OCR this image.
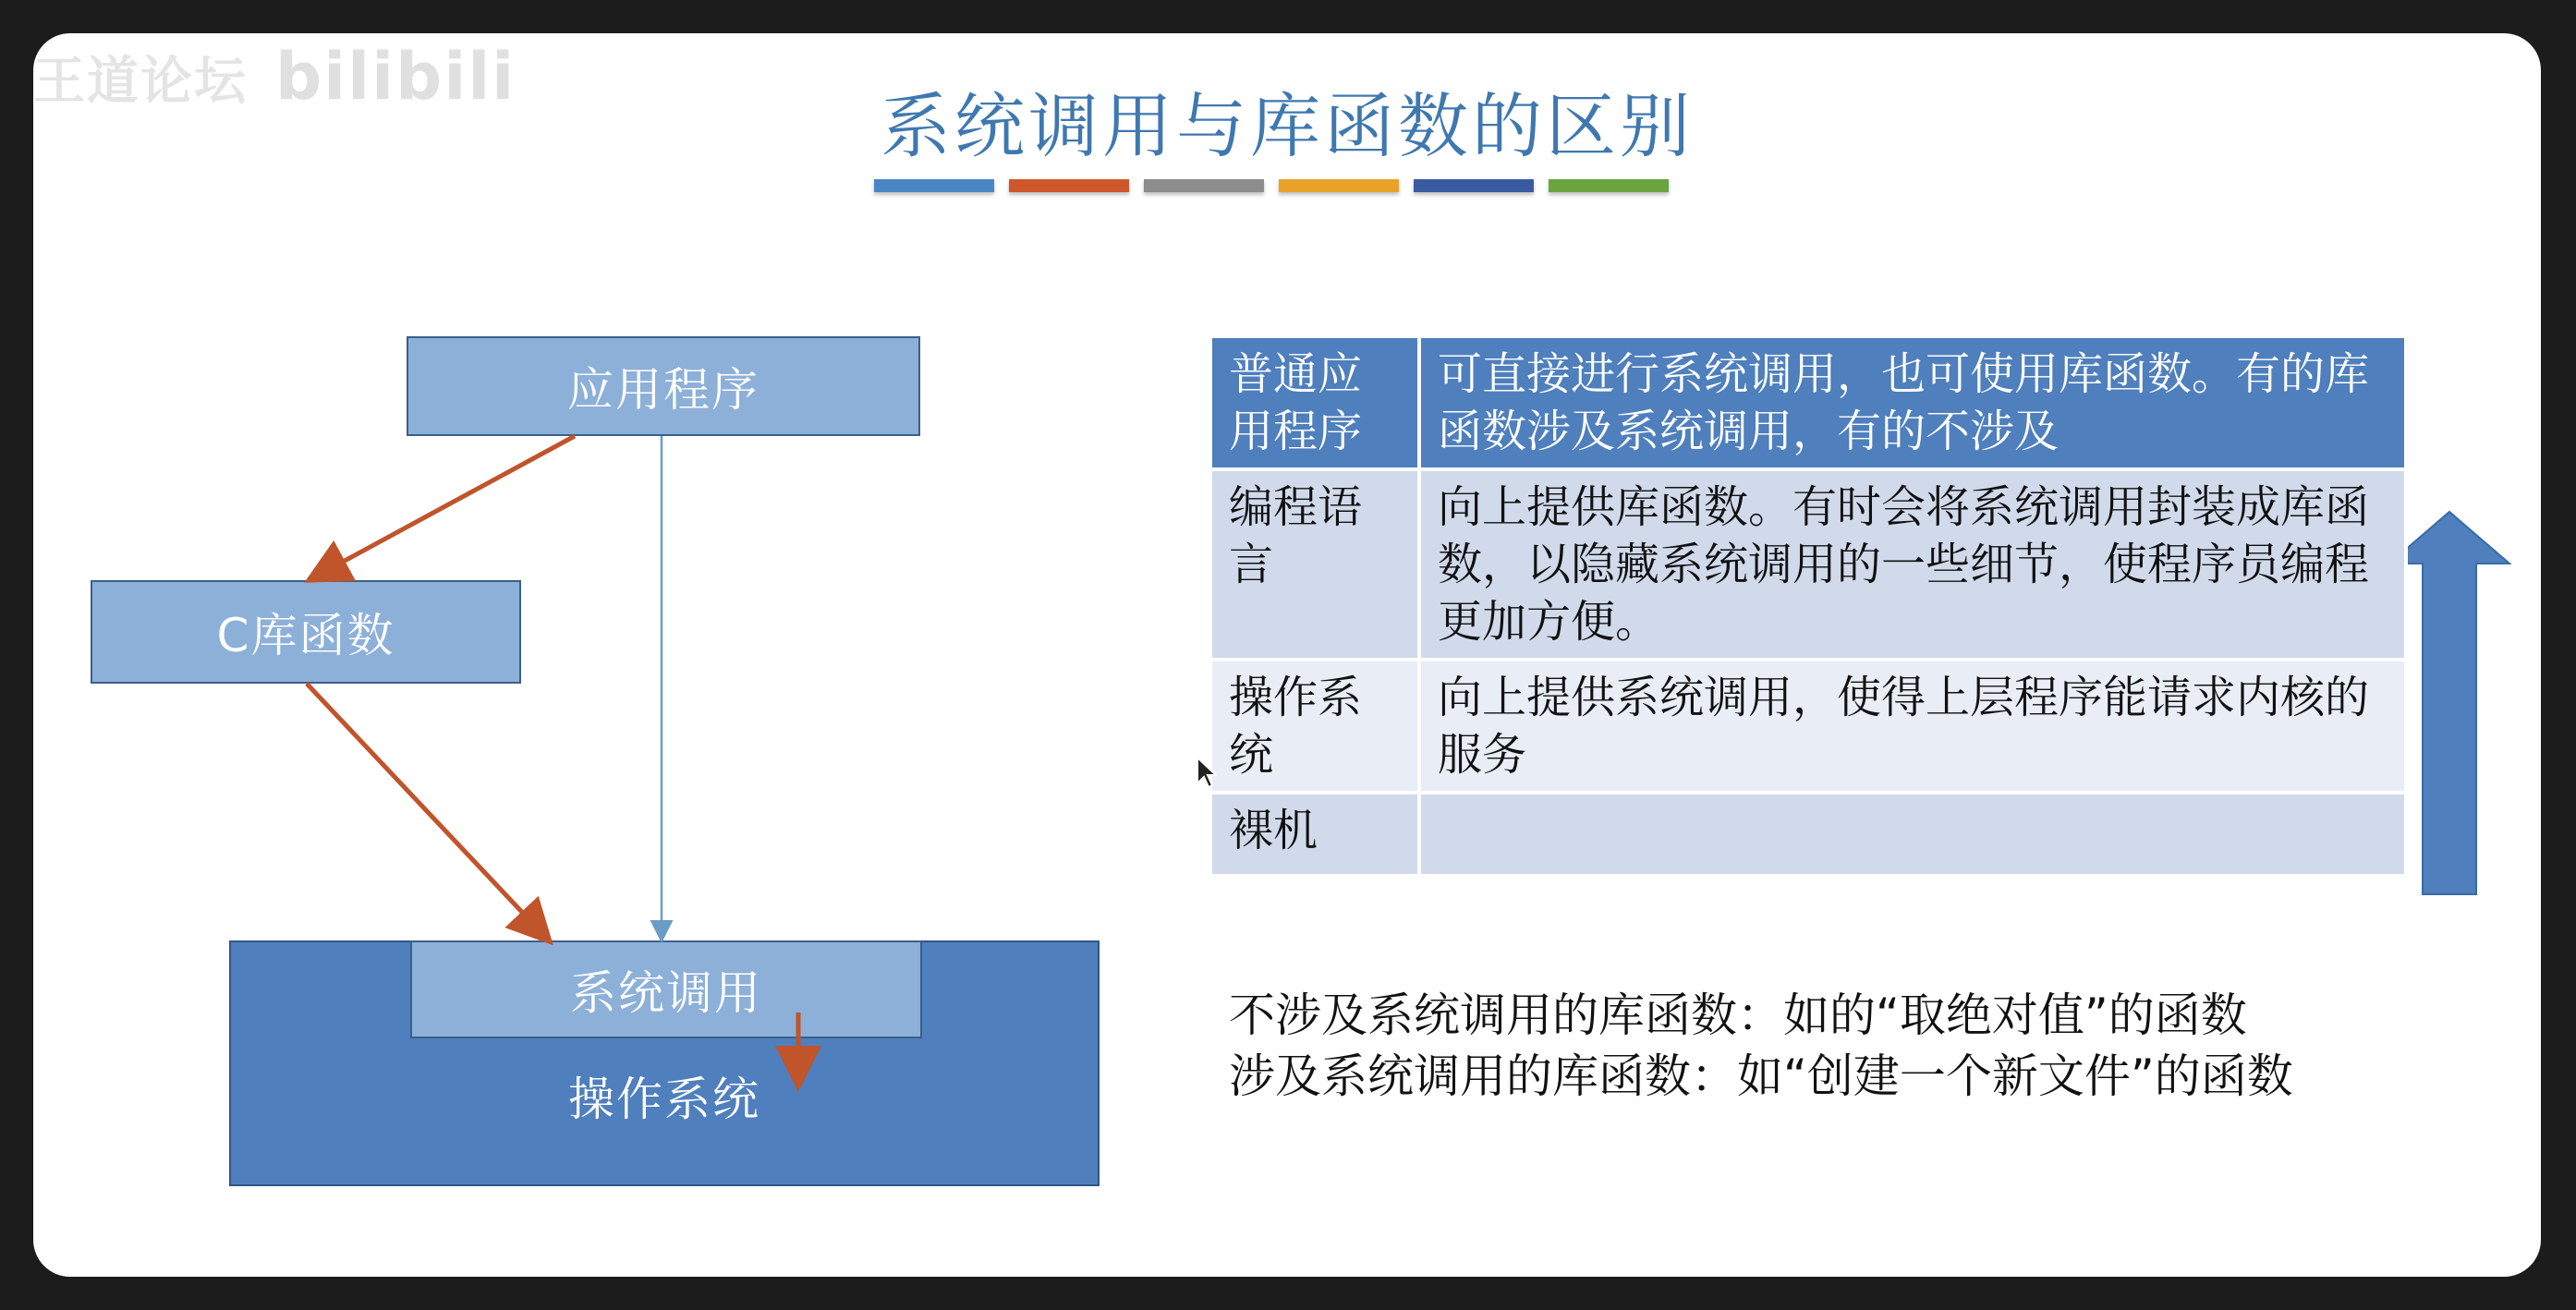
王道论坛 bilibili
系统调用与库函数的区别
应用程序
C库函数
操作系统
系统调用
普通应用程序	可直接进行系统调用，也可使用库函数。有的库函数涉及系统调用，有的不涉及
编程语言	向上提供库函数。有时会将系统调用封装成库函数，以隐藏系统调用的一些细节，使程序员编程更加方便。
操作系统	向上提供系统调用，使得上层程序能请求内核的服务
裸机	
不涉及系统调用的库函数：如的“取绝对值”的函数
涉及系统调用的库函数：如“创建一个新文件”的函数
